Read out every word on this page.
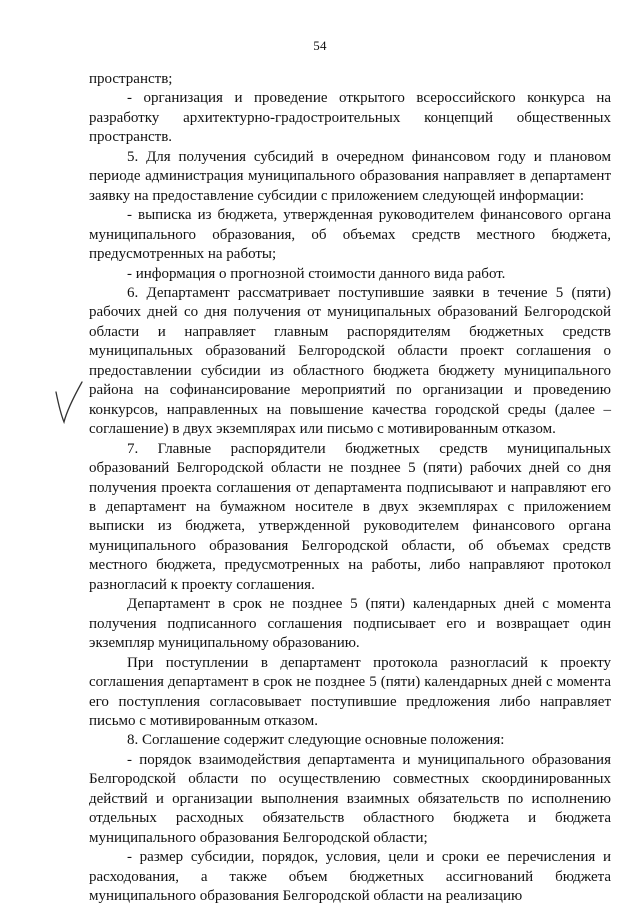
54

пространств;

- организация и проведение открытого всероссийского конкурса на разработку архитектурно-градостроительных концепций общественных пространств.

5. Для получения субсидий в очередном финансовом году и плановом периоде администрация муниципального образования направляет в департамент заявку на предоставление субсидии с приложением следующей информации:

- выписка из бюджета, утвержденная руководителем финансового органа муниципального образования, об объемах средств местного бюджета, предусмотренных на работы;

- информация о прогнозной стоимости данного вида работ.

6. Департамент рассматривает поступившие заявки в течение 5 (пяти) рабочих дней со дня получения от муниципальных образований Белгородской области и направляет главным распорядителям бюджетных средств муниципальных образований Белгородской области проект соглашения о предоставлении субсидии из областного бюджета бюджету муниципального района на софинансирование мероприятий по организации и проведению конкурсов, направленных на повышение качества городской среды (далее – соглашение) в двух экземплярах или письмо с мотивированным отказом.

7. Главные распорядители бюджетных средств муниципальных образований Белгородской области не позднее 5 (пяти) рабочих дней со дня получения проекта соглашения от департамента подписывают и направляют его в департамент на бумажном носителе в двух экземплярах с приложением выписки из бюджета, утвержденной руководителем финансового органа муниципального образования Белгородской области, об объемах средств местного бюджета, предусмотренных на работы, либо направляют протокол разногласий к проекту соглашения.

Департамент в срок не позднее 5 (пяти) календарных дней с момента получения подписанного соглашения подписывает его и возвращает один экземпляр муниципальному образованию.

При поступлении в департамент протокола разногласий к проекту соглашения департамент в срок не позднее 5 (пяти) календарных дней с момента его поступления согласовывает поступившие предложения либо направляет письмо с мотивированным отказом.

8. Соглашение содержит следующие основные положения:

- порядок взаимодействия департамента и муниципального образования Белгородской области по осуществлению совместных скоординированных действий и организации выполнения взаимных обязательств по исполнению отдельных расходных обязательств областного бюджета и бюджета муниципального образования Белгородской области;

- размер субсидии, порядок, условия, цели и сроки ее перечисления и расходования, а также объем бюджетных ассигнований бюджета муниципального образования Белгородской области на реализацию
